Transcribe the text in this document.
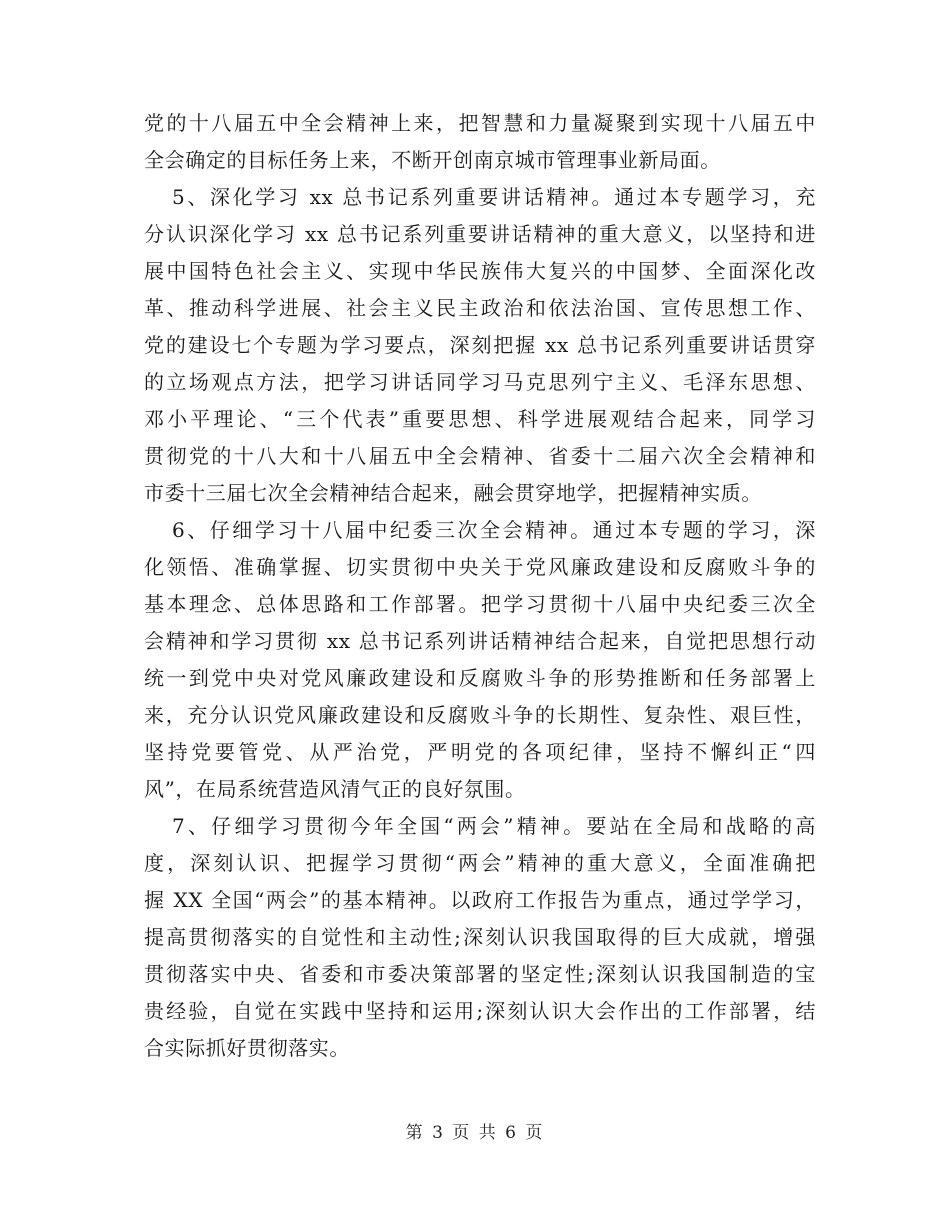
党的十八届五中全会精神上来，把智慧和力量凝聚到实现十八届五中
全会确定的目标任务上来，不断开创南京城市管理事业新局面。
5、深化学习 xx 总书记系列重要讲话精神。通过本专题学习，充
分认识深化学习 xx 总书记系列重要讲话精神的重大意义，以坚持和进
展中国特色社会主义、实现中华民族伟大复兴的中国梦、全面深化改
革、推动科学进展、社会主义民主政治和依法治国、宣传思想工作、
党的建设七个专题为学习要点，深刻把握 xx 总书记系列重要讲话贯穿
的立场观点方法，把学习讲话同学习马克思列宁主义、毛泽东思想、
邓小平理论、“三个代表”重要思想、科学进展观结合起来，同学习
贯彻党的十八大和十八届五中全会精神、省委十二届六次全会精神和
市委十三届七次全会精神结合起来，融会贯穿地学，把握精神实质。
6、仔细学习十八届中纪委三次全会精神。通过本专题的学习，深
化领悟、准确掌握、切实贯彻中央关于党风廉政建设和反腐败斗争的
基本理念、总体思路和工作部署。把学习贯彻十八届中央纪委三次全
会精神和学习贯彻 xx 总书记系列讲话精神结合起来，自觉把思想行动
统一到党中央对党风廉政建设和反腐败斗争的形势推断和任务部署上
来，充分认识党风廉政建设和反腐败斗争的长期性、复杂性、艰巨性，
坚持党要管党、从严治党，严明党的各项纪律，坚持不懈纠正“四
风”，在局系统营造风清气正的良好氛围。
7、仔细学习贯彻今年全国“两会”精神。要站在全局和战略的高
度，深刻认识、把握学习贯彻“两会”精神的重大意义，全面准确把
握 XX 全国“两会”的基本精神。以政府工作报告为重点，通过学学习，
提高贯彻落实的自觉性和主动性;深刻认识我国取得的巨大成就，增强
贯彻落实中央、省委和市委决策部署的坚定性;深刻认识我国制造的宝
贵经验，自觉在实践中坚持和运用;深刻认识大会作出的工作部署，结
合实际抓好贯彻落实。
第 3 页 共 6 页
